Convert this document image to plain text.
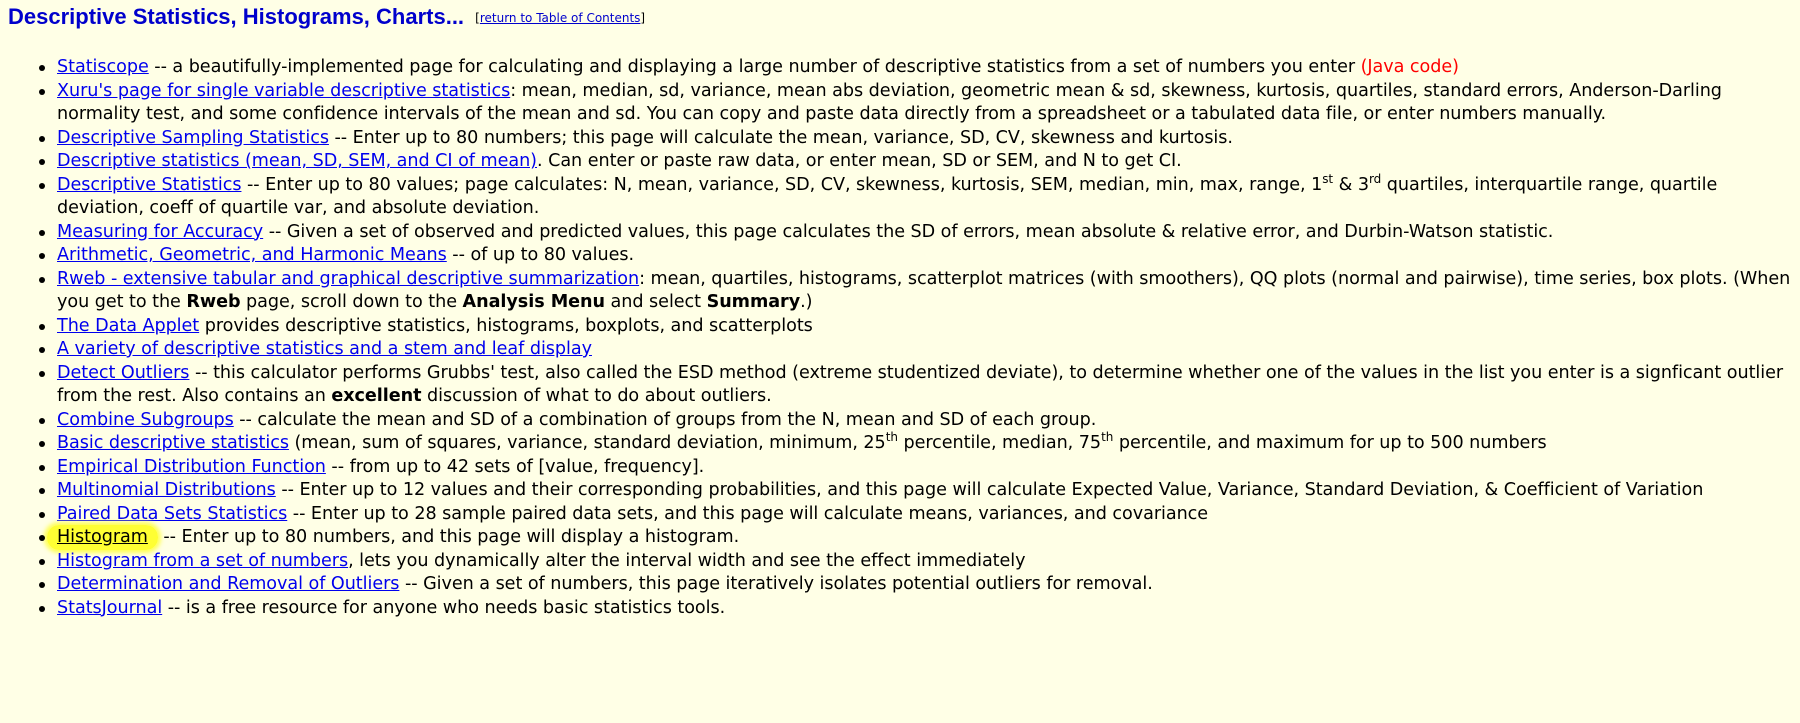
Descriptive Statistics, Histograms, Charts... [return to Table of Contents]
Statiscope -- a beautifully-implemented page for calculating and displaying a large number of descriptive statistics from a set of numbers you enter (Java code)
Xuru's page for single variable descriptive statistics: mean, median, sd, variance, mean abs deviation, geometric mean & sd, skewness, kurtosis, quartiles, standard errors, Anderson-Darling normality test, and some confidence intervals of the mean and sd. You can copy and paste data directly from a spreadsheet or a tabulated data file, or enter numbers manually.
Descriptive Sampling Statistics -- Enter up to 80 numbers; this page will calculate the mean, variance, SD, CV, skewness and kurtosis.
Descriptive statistics (mean, SD, SEM, and CI of mean). Can enter or paste raw data, or enter mean, SD or SEM, and N to get CI.
Descriptive Statistics -- Enter up to 80 values; page calculates: N, mean, variance, SD, CV, skewness, kurtosis, SEM, median, min, max, range, 1st & 3rd quartiles, interquartile range, quartile deviation, coeff of quartile var, and absolute deviation.
Measuring for Accuracy -- Given a set of observed and predicted values, this page calculates the SD of errors, mean absolute & relative error, and Durbin-Watson statistic.
Arithmetic, Geometric, and Harmonic Means -- of up to 80 values.
Rweb - extensive tabular and graphical descriptive summarization: mean, quartiles, histograms, scatterplot matrices (with smoothers), QQ plots (normal and pairwise), time series, box plots. (When you get to the Rweb page, scroll down to the Analysis Menu and select Summary.)
The Data Applet provides descriptive statistics, histograms, boxplots, and scatterplots
A variety of descriptive statistics and a stem and leaf display
Detect Outliers -- this calculator performs Grubbs' test, also called the ESD method (extreme studentized deviate), to determine whether one of the values in the list you enter is a signficant outlier from the rest. Also contains an excellent discussion of what to do about outliers.
Combine Subgroups -- calculate the mean and SD of a combination of groups from the N, mean and SD of each group.
Basic descriptive statistics (mean, sum of squares, variance, standard deviation, minimum, 25th percentile, median, 75th percentile, and maximum for up to 500 numbers
Empirical Distribution Function -- from up to 42 sets of [value, frequency].
Multinomial Distributions -- Enter up to 12 values and their corresponding probabilities, and this page will calculate Expected Value, Variance, Standard Deviation, & Coefficient of Variation
Paired Data Sets Statistics -- Enter up to 28 sample paired data sets, and this page will calculate means, variances, and covariance
Histogram -- Enter up to 80 numbers, and this page will display a histogram.
Histogram from a set of numbers, lets you dynamically alter the interval width and see the effect immediately
Determination and Removal of Outliers -- Given a set of numbers, this page iteratively isolates potential outliers for removal.
StatsJournal -- is a free resource for anyone who needs basic statistics tools.
